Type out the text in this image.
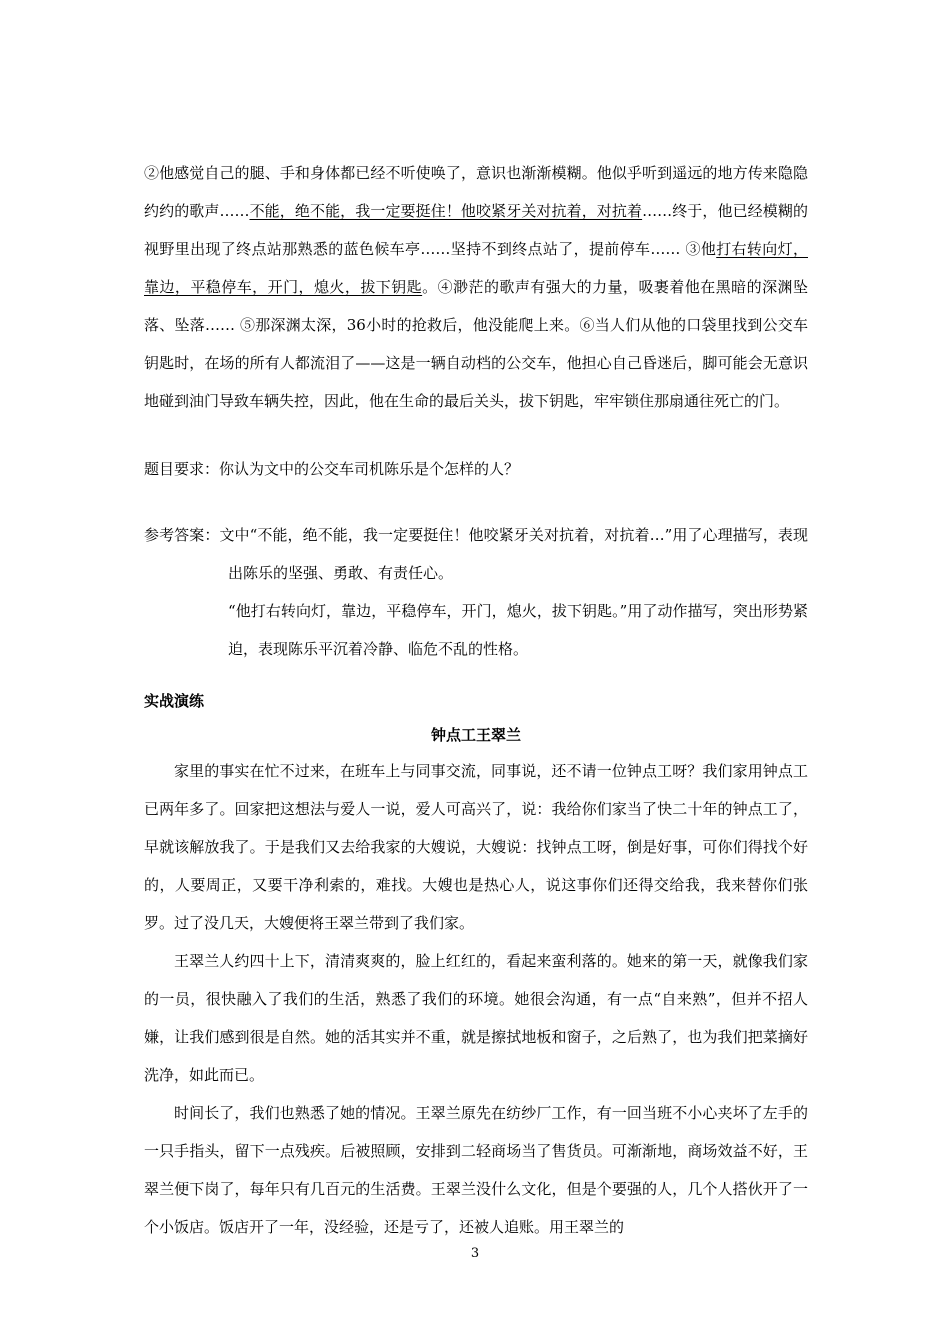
②他感觉自己的腿、手和身体都已经不听使唤了，意识也渐渐模糊。他似乎听到遥远的地方传来隐隐约约的歌声……不能，绝不能，我一定要挺住！他咬紧牙关对抗着，对抗着……终于，他已经模糊的视野里出现了终点站那熟悉的蓝色候车亭……坚持不到终点站了，提前停车…… ③他打右转向灯，靠边，平稳停车，开门，熄火，拔下钥匙。④渺茫的歌声有强大的力量，吸裹着他在黑暗的深渊坠落、坠落…… ⑤那深渊太深，36小时的抢救后，他没能爬上来。⑥当人们从他的口袋里找到公交车钥匙时，在场的所有人都流泪了——这是一辆自动档的公交车，他担心自己昏迷后，脚可能会无意识地碰到油门导致车辆失控，因此，他在生命的最后关头，拔下钥匙，牢牢锁住那扇通往死亡的门。

题目要求：你认为文中的公交车司机陈乐是个怎样的人？

参考答案：文中“不能，绝不能，我一定要挺住！他咬紧牙关对抗着，对抗着…”用了心理描写，表现出陈乐的坚强、勇敢、有责任心。

“他打右转向灯，靠边，平稳停车，开门，熄火，拔下钥匙。”用了动作描写，突出形势紧迫，表现陈乐平沉着冷静、临危不乱的性格。

实战演练

钟点工王翠兰

家里的事实在忙不过来，在班车上与同事交流，同事说，还不请一位钟点工呀？我们家用钟点工已两年多了。回家把这想法与爱人一说，爱人可高兴了，说：我给你们家当了快二十年的钟点工了，早就该解放我了。于是我们又去给我家的大嫂说，大嫂说：找钟点工呀，倒是好事，可你们得找个好的，人要周正，又要干净利索的，难找。大嫂也是热心人，说这事你们还得交给我，我来替你们张罗。过了没几天，大嫂便将王翠兰带到了我们家。

王翠兰人约四十上下，清清爽爽的，脸上红红的，看起来蛮利落的。她来的第一天，就像我们家的一员，很快融入了我们的生活，熟悉了我们的环境。她很会沟通，有一点“自来熟”，但并不招人嫌，让我们感到很是自然。她的活其实并不重，就是擦拭地板和窗子，之后熟了，也为我们把菜摘好洗净，如此而已。

时间长了，我们也熟悉了她的情况。王翠兰原先在纺纱厂工作，有一回当班不小心夹坏了左手的一只手指头，留下一点残疾。后被照顾，安排到二轻商场当了售货员。可渐渐地，商场效益不好，王翠兰便下岗了，每年只有几百元的生活费。王翠兰没什么文化，但是个要强的人，几个人搭伙开了一个小饭店。饭店开了一年，没经验，还是亏了，还被人追账。用王翠兰的

3
